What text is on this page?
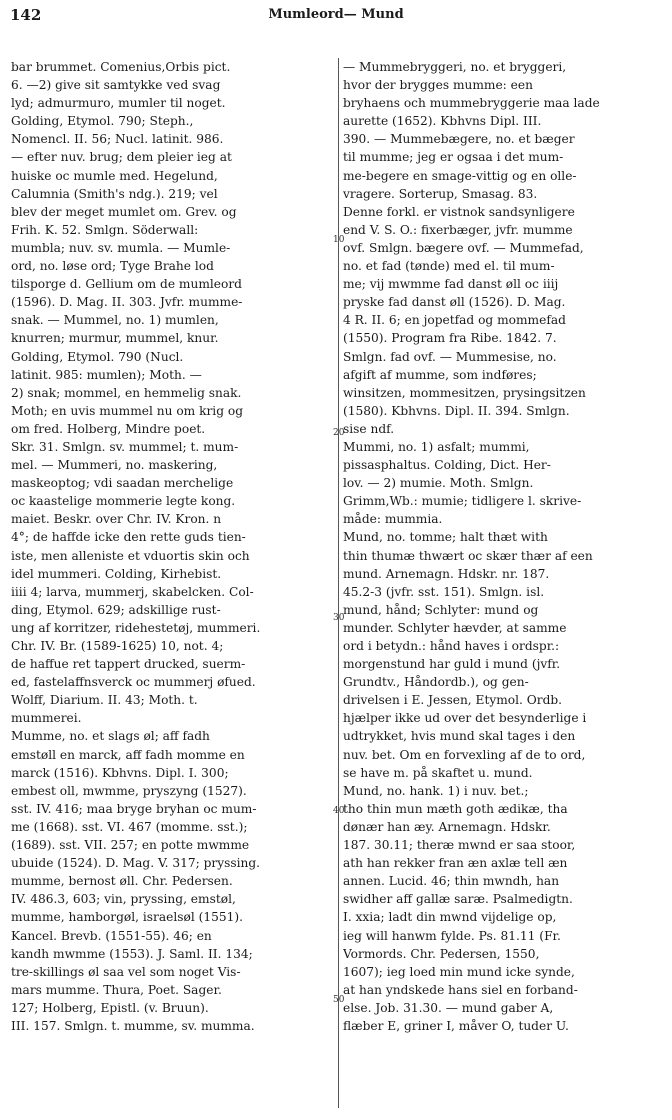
142	Mumleord— Mund
10
20
30
40
50
bar brummet. Comenius,Orbis pict.
6. —2) give sit samtykke ved svag
lyd; admurmuro, mumler til noget.
Golding, Etymol. 790; Steph.,
Nomencl. II. 56; Nucl. latinit. 986.
— efter nuv. brug; dem pleier ieg at
huiske oc mumle med. Hegelund,
Calumnia (Smith's ndg.). 219; vel
blev der meget mumlet om. Grev. og
Frih. K. 52. Smlgn. Söderwall:
mumbla; nuv. sv. mumla. — Mumle-
ord, no. løse ord; Tyge Brahe lod
tilsporge d. Gellium om de mumleord
(1596). D. Mag. II. 303. Jvfr. mumme-
snak. — Mummel, no. 1) mumlen,
knurren; murmur, mummel, knur.
Golding, Etymol. 790 (Nucl.
latinit. 985: mumlen); Moth. —
2) snak; mommel, en hemmelig snak.
Moth; en uvis mummel nu om krig og
om fred. Holberg, Mindre poet.
Skr. 31. Smlgn. sv. mummel; t. mum-
mel. — Mummeri, no. maskering,
maskeoptog; vdi saadan merchelige
oc kaastelige mommerie legte kong.
maiet. Beskr. over Chr. IV. Kron. n
4°; de haffde icke den rette guds tien-
iste, men alleniste et vduortis skin och
idel mummeri. Colding, Kirhebist.
iiii 4; larva, mummerj, skabelcken. Col-
ding, Etymol. 629; adskillige rust-
ung af korritzer, ridehestetøj, mummeri.
Chr. IV. Br. (1589-1625) 10, not. 4;
de haffue ret tappert drucked, suerm-
ed, fastelaffnsverck oc mummerj øfued.
Wolff, Diarium. II. 43; Moth. t.
mummerei.
Mumme, no. et slags øl; aff fadh
emstøll en marck, aff fadh momme en
marck (1516). Kbhvns. Dipl. I. 300;
embest oll, mwmme, pryszyng (1527).
sst. IV. 416; maa bryge bryhan oc mum-
me (1668). sst. VI. 467 (momme. sst.);
(1689). sst. VII. 257; en potte mwmme
ubuide (1524). D. Mag. V. 317; pryssing.
mumme, bernost øll. Chr. Pedersen.
IV. 486.3, 603; vin, pryssing, emstøl,
mumme, hamborgøl, israelsøl (1551).
Kancel. Brevb. (1551-55). 46; en
kandh mwmme (1553). J. Saml. II. 134;
tre-skillings øl saa vel som noget Vis-
mars mumme. Thura, Poet. Sager.
127; Holberg, Epistl. (v. Bruun).
III. 157. Smlgn. t. mumme, sv. mumma.
— Mummebryggeri, no. et bryggeri,
hvor der brygges mumme: een
bryhaens och mummebryggerie maa lade
aurette (1652). Kbhvns Dipl. III.
390. — Mummebægere, no. et bæger
til mumme; jeg er ogsaa i det mum-
me-begere en smage-vittig og en olle-
vragere. Sorterup, Smasag. 83.
Denne forkl. er vistnok sandsynligere
end V. S. O.: fixerbæger, jvfr. mumme
ovf. Smlgn. bægere ovf. — Mummefad,
no. et fad (tønde) med el. til mum-
me; vij mwmme fad danst øll oc iiij
pryske fad danst øll (1526). D. Mag.
4 R. II. 6; en jopetfad og mommefad
(1550). Program fra Ribe. 1842. 7.
Smlgn. fad ovf. — Mummesise, no.
afgift af mumme, som indføres;
winsitzen, mommesitzen, prysingsitzen
(1580). Kbhvns. Dipl. II. 394. Smlgn.
sise ndf.
Mummi, no. 1) asfalt; mummi,
pissasphaltus. Colding, Dict. Her-
lov. — 2) mumie. Moth. Smlgn.
Grimm,Wb.: mumie; tidligere l. skrive-
måde: mummia.
Mund, no. tomme; halt thæt with
thin thumæ thwært oc skær thær af een
mund. Arnemagn. Hdskr. nr. 187.
45.2-3 (jvfr. sst. 151). Smlgn. isl.
mund, hånd; Schlyter: mund og
munder. Schlyter hævder, at samme
ord i betydn.: hånd haves i ordspr.:
morgenstund har guld i mund (jvfr.
Grundtv., Håndordb.), og gen-
drivelsen i E. Jessen, Etymol. Ordb.
hjælper ikke ud over det besynderlige i
udtrykket, hvis mund skal tages i den
nuv. bet. Om en forvexling af de to ord,
se have m. på skaftet u. mund.
Mund, no. hank. 1) i nuv. bet.;
tho thin mun mæth goth ædikæ, tha
dønær han æy. Arnemagn. Hdskr.
187. 30.11; theræ mwnd er saa stoor,
ath han rekker fran æn axlæ tell æn
annen. Lucid. 46; thin mwndh, han
swidher aff gallæ saræ. Psalmedigtn.
I. xxia; ladt din mwnd vijdelige op,
ieg will hanwm fylde. Ps. 81.11 (Fr.
Vormords. Chr. Pedersen, 1550,
1607); ieg loed min mund icke synde,
at han yndskede hans siel en forband-
else. Job. 31.30. — mund gaber A,
flæber E, griner I, måver O, tuder U.
